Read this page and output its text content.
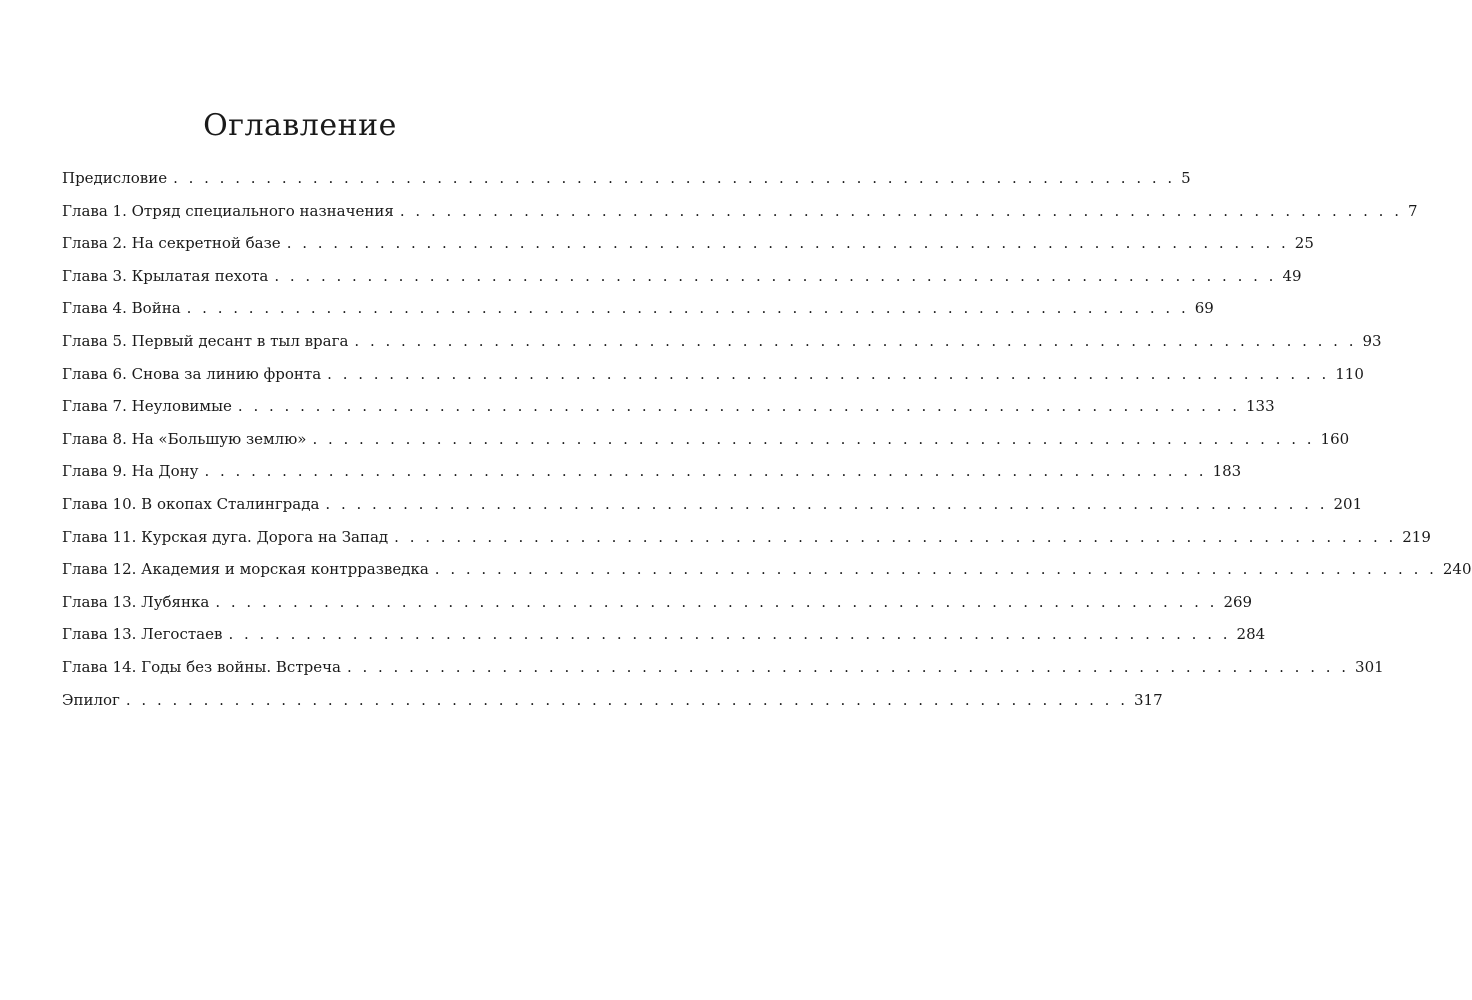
Оглавление
Предисловие . . . . . . . . . . . . . . . . . . . . . . . . . . . . . . . . . . . . . . . . . . . . . . . . . . . . . . . . . . . . . . . . . 5
Глава 1. Отряд специального назначения . . . . . . . . . . . . . . . . . . . . . . . . . . . . . . . . . . . . . . . . . . . . . . . . . . . . . . . . . . . . . . . . . 7
Глава 2. На секретной базе . . . . . . . . . . . . . . . . . . . . . . . . . . . . . . . . . . . . . . . . . . . . . . . . . . . . . . . . . . . . . . . . . 25
Глава 3. Крылатая пехота . . . . . . . . . . . . . . . . . . . . . . . . . . . . . . . . . . . . . . . . . . . . . . . . . . . . . . . . . . . . . . . . . 49
Глава 4. Война . . . . . . . . . . . . . . . . . . . . . . . . . . . . . . . . . . . . . . . . . . . . . . . . . . . . . . . . . . . . . . . . . 69
Глава 5. Первый десант в тыл врага . . . . . . . . . . . . . . . . . . . . . . . . . . . . . . . . . . . . . . . . . . . . . . . . . . . . . . . . . . . . . . . . . 93
Глава 6. Снова за линию фронта . . . . . . . . . . . . . . . . . . . . . . . . . . . . . . . . . . . . . . . . . . . . . . . . . . . . . . . . . . . . . . . . . 110
Глава 7. Неуловимые . . . . . . . . . . . . . . . . . . . . . . . . . . . . . . . . . . . . . . . . . . . . . . . . . . . . . . . . . . . . . . . . . 133
Глава 8. На «Большую землю» . . . . . . . . . . . . . . . . . . . . . . . . . . . . . . . . . . . . . . . . . . . . . . . . . . . . . . . . . . . . . . . . . 160
Глава 9. На Дону . . . . . . . . . . . . . . . . . . . . . . . . . . . . . . . . . . . . . . . . . . . . . . . . . . . . . . . . . . . . . . . . . 183
Глава 10. В окопах Сталинграда . . . . . . . . . . . . . . . . . . . . . . . . . . . . . . . . . . . . . . . . . . . . . . . . . . . . . . . . . . . . . . . . . 201
Глава 11. Курская дуга. Дорога на Запад . . . . . . . . . . . . . . . . . . . . . . . . . . . . . . . . . . . . . . . . . . . . . . . . . . . . . . . . . . . . . . . . . 219
Глава 12. Академия и морская контрразведка . . . . . . . . . . . . . . . . . . . . . . . . . . . . . . . . . . . . . . . . . . . . . . . . . . . . . . . . . . . . . . . . . 240
Глава 13. Лубянка . . . . . . . . . . . . . . . . . . . . . . . . . . . . . . . . . . . . . . . . . . . . . . . . . . . . . . . . . . . . . . . . . 269
Глава 13. Легостаев . . . . . . . . . . . . . . . . . . . . . . . . . . . . . . . . . . . . . . . . . . . . . . . . . . . . . . . . . . . . . . . . . 284
Глава 14. Годы без войны. Встреча . . . . . . . . . . . . . . . . . . . . . . . . . . . . . . . . . . . . . . . . . . . . . . . . . . . . . . . . . . . . . . . . . 301
Эпилог . . . . . . . . . . . . . . . . . . . . . . . . . . . . . . . . . . . . . . . . . . . . . . . . . . . . . . . . . . . . . . . . . 317
